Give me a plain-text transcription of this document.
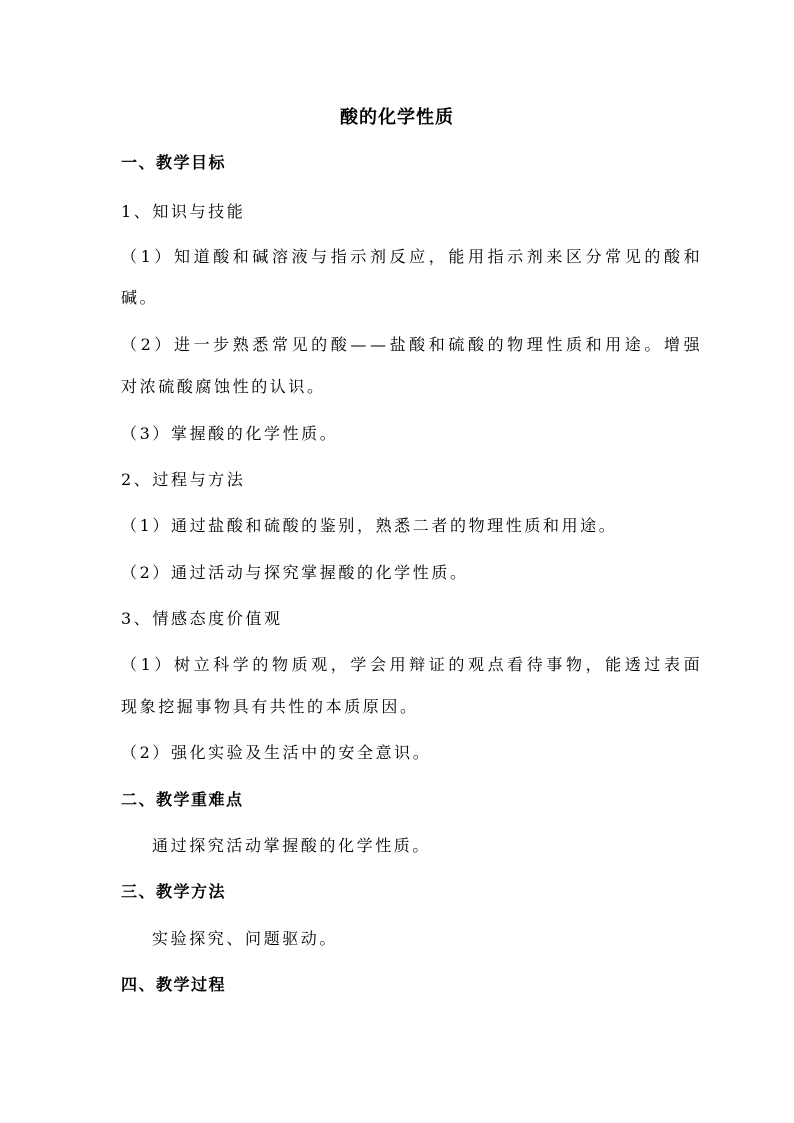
酸的化学性质
一、教学目标
1、知识与技能
（1）知道酸和碱溶液与指示剂反应，能用指示剂来区分常见的酸和
碱。
（2）进一步熟悉常见的酸——盐酸和硫酸的物理性质和用途。增强
对浓硫酸腐蚀性的认识。
（3）掌握酸的化学性质。
2、过程与方法
（1）通过盐酸和硫酸的鉴别，熟悉二者的物理性质和用途。
（2）通过活动与探究掌握酸的化学性质。
3、情感态度价值观
（1）树立科学的物质观，学会用辩证的观点看待事物，能透过表面
现象挖掘事物具有共性的本质原因。
（2）强化实验及生活中的安全意识。
二、教学重难点
通过探究活动掌握酸的化学性质。
三、教学方法
实验探究、问题驱动。
四、教学过程
